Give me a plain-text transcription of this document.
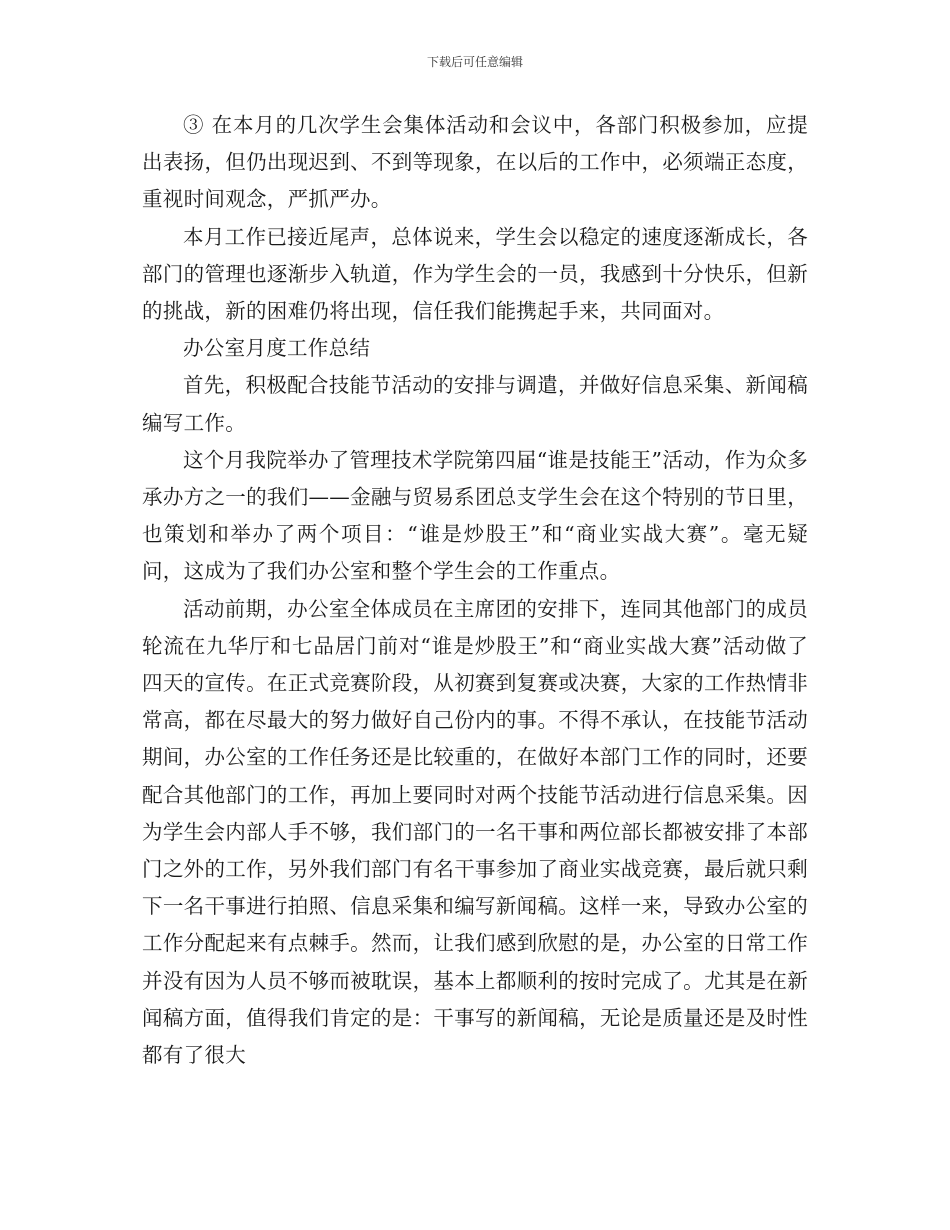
下载后可任意编辑

③ 在本月的几次学生会集体活动和会议中，各部门积极参加，应提出表扬，但仍出现迟到、不到等现象，在以后的工作中，必须端正态度，重视时间观念，严抓严办。

本月工作已接近尾声，总体说来，学生会以稳定的速度逐渐成长，各部门的管理也逐渐步入轨道，作为学生会的一员，我感到十分快乐，但新的挑战，新的困难仍将出现，信任我们能携起手来，共同面对。

办公室月度工作总结

首先，积极配合技能节活动的安排与调遣，并做好信息采集、新闻稿编写工作。

这个月我院举办了管理技术学院第四届“谁是技能王”活动，作为众多承办方之一的我们——金融与贸易系团总支学生会在这个特别的节日里，也策划和举办了两个项目：“谁是炒股王”和“商业实战大赛”。毫无疑问，这成为了我们办公室和整个学生会的工作重点。

活动前期，办公室全体成员在主席团的安排下，连同其他部门的成员轮流在九华厅和七品居门前对“谁是炒股王”和“商业实战大赛”活动做了四天的宣传。在正式竞赛阶段，从初赛到复赛或决赛，大家的工作热情非常高，都在尽最大的努力做好自己份内的事。不得不承认，在技能节活动期间，办公室的工作任务还是比较重的，在做好本部门工作的同时，还要配合其他部门的工作，再加上要同时对两个技能节活动进行信息采集。因为学生会内部人手不够，我们部门的一名干事和两位部长都被安排了本部门之外的工作，另外我们部门有名干事参加了商业实战竞赛，最后就只剩下一名干事进行拍照、信息采集和编写新闻稿。这样一来，导致办公室的工作分配起来有点棘手。然而，让我们感到欣慰的是，办公室的日常工作并没有因为人员不够而被耽误，基本上都顺利的按时完成了。尤其是在新闻稿方面，值得我们肯定的是：干事写的新闻稿，无论是质量还是及时性都有了很大
